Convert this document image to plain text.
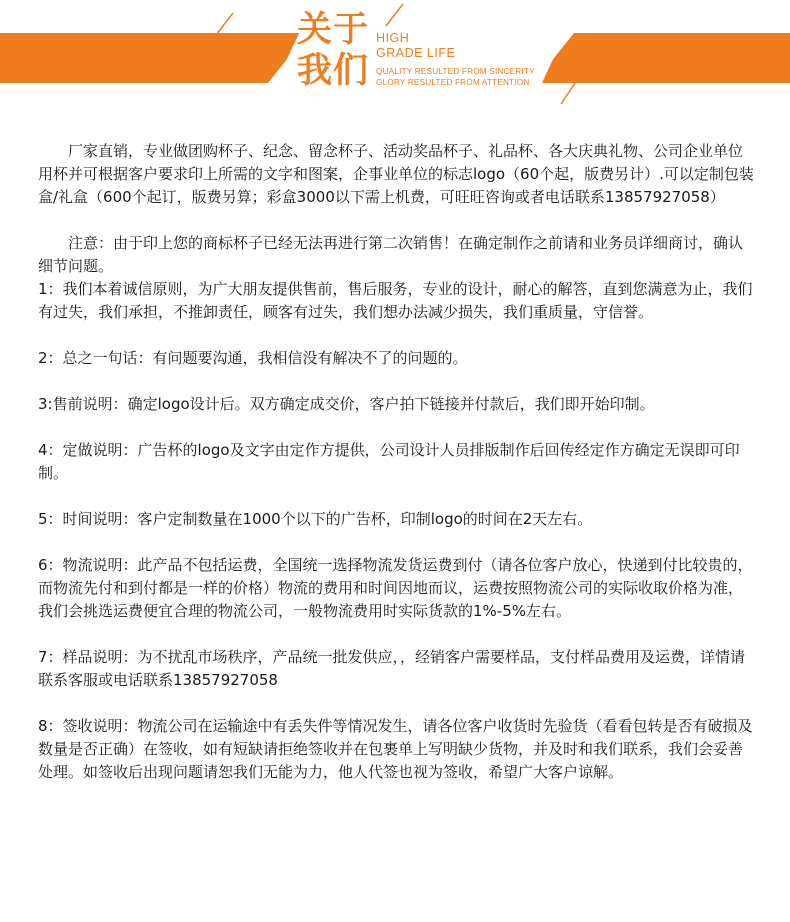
关于
我们
HIGH
GRADE LIFE
QUALITY RESULTED FROM SINCERITY
GLORY RESULTED FROM ATTENTION

厂家直销，专业做团购杯子、纪念、留念杯子、活动奖品杯子、礼品杯、各大庆典礼物、公司企业单位用杯并可根据客户要求印上所需的文字和图案，企事业单位的标志logo（60个起，版费另计）.可以定制包装盒/礼盒（600个起订，版费另算；彩盒3000以下需上机费，可旺旺咨询或者电话联系13857927058）

注意：由于印上您的商标杯子已经无法再进行第二次销售！在确定制作之前请和业务员详细商讨，确认细节问题。

1：我们本着诚信原则，为广大朋友提供售前，售后服务，专业的设计，耐心的解答，直到您满意为止，我们有过失，我们承担，不推卸责任，顾客有过失，我们想办法减少损失，我们重质量，守信誉。

2：总之一句话：有问题要沟通，我相信没有解决不了的问题的。

3:售前说明：确定logo设计后。双方确定成交价，客户拍下链接并付款后，我们即开始印制。

4：定做说明：广告杯的logo及文字由定作方提供，公司设计人员排版制作后回传经定作方确定无误即可印制。

5：时间说明：客户定制数量在1000个以下的广告杯，印制logo的时间在2天左右。

6：物流说明：此产品不包括运费，全国统一选择物流发货运费到付（请各位客户放心，快递到付比较贵的，而物流先付和到付都是一样的价格）物流的费用和时间因地而议，运费按照物流公司的实际收取价格为准，我们会挑选运费便宜合理的物流公司，一般物流费用时实际货款的1%-5%左右。

7：样品说明：为不扰乱市场秩序，产品统一批发供应，，经销客户需要样品，支付样品费用及运费，详情请联系客服或电话联系13857927058

8：签收说明：物流公司在运输途中有丢失件等情况发生，请各位客户收货时先验货（看看包转是否有破损及数量是否正确）在签收，如有短缺请拒绝签收并在包裹单上写明缺少货物，并及时和我们联系，我们会妥善处理。如签收后出现问题请恕我们无能为力，他人代签也视为签收，希望广大客户谅解。
